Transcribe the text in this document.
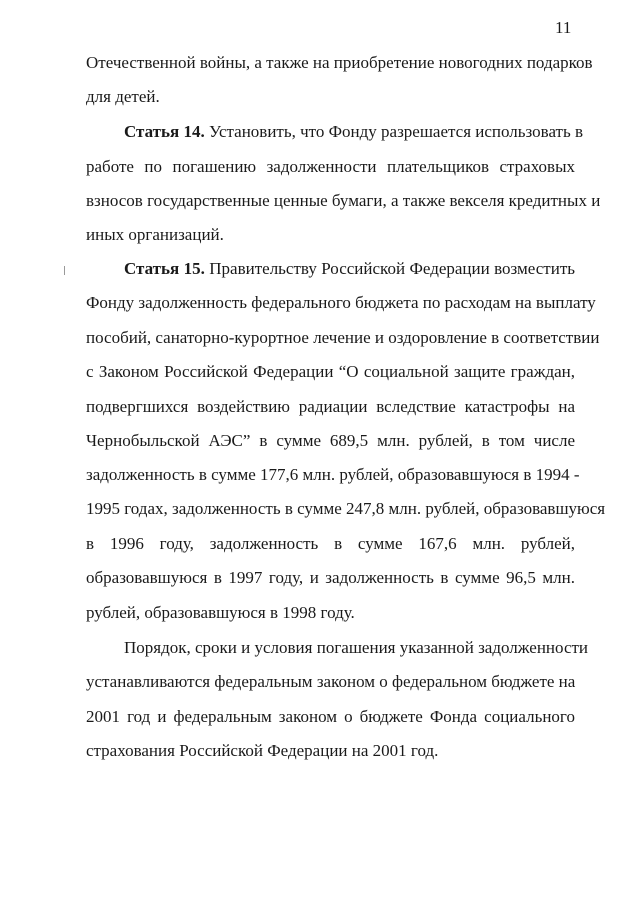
11
Отечественной войны, а также на приобретение новогодних подарков
для детей.
Статья 14. Установить, что Фонду разрешается использовать в
работе по погашению задолженности плательщиков страховых
взносов государственные ценные бумаги, а также векселя кредитных и
иных организаций.
Статья 15. Правительству Российской Федерации возместить
Фонду задолженность федерального бюджета по расходам на выплату
пособий, санаторно-курортное лечение и оздоровление в соответствии
с Законом Российской Федерации “О социальной защите граждан,
подвергшихся воздействию радиации вследствие катастрофы на
Чернобыльской АЭС” в сумме 689,5 млн. рублей, в том числе
задолженность в сумме 177,6 млн. рублей, образовавшуюся в 1994 -
1995 годах, задолженность в сумме 247,8 млн. рублей, образовавшуюся
в 1996 году, задолженность в сумме 167,6 млн. рублей,
образовавшуюся в 1997 году, и задолженность в сумме 96,5 млн.
рублей, образовавшуюся в 1998 году.
Порядок, сроки и условия погашения указанной задолженности
устанавливаются федеральным законом о федеральном бюджете на
2001 год и федеральным законом о бюджете Фонда социального
страхования Российской Федерации на 2001 год.
